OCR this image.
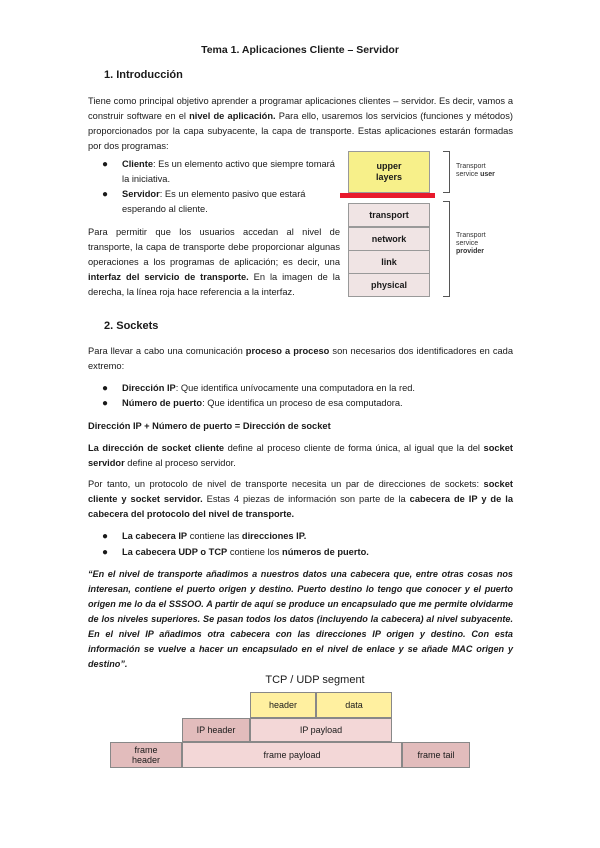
Tema 1. Aplicaciones Cliente – Servidor
1. Introducción
Tiene como principal objetivo aprender a programar aplicaciones clientes – servidor. Es decir, vamos a construir software en el nivel de aplicación. Para ello, usaremos los servicios (funciones y métodos) proporcionados por la capa subyacente, la capa de transporte. Estas aplicaciones estarán formadas por dos programas:
● Cliente: Es un elemento activo que siempre tomará la iniciativa.
● Servidor: Es un elemento pasivo que estará esperando al cliente.
Para permitir que los usuarios accedan al nivel de transporte, la capa de transporte debe proporcionar algunas operaciones a los programas de aplicación; es decir, una interfaz del servicio de transporte. En la imagen de la derecha, la línea roja hace referencia a la interfaz.
upper
layers
transport
network
link
physical
Transport
service user
Transport
service
provider
2. Sockets
Para llevar a cabo una comunicación proceso a proceso son necesarios dos identificadores en cada extremo:
● Dirección IP: Que identifica unívocamente una computadora en la red.
● Número de puerto: Que identifica un proceso de esa computadora.
Dirección IP + Número de puerto = Dirección de socket
La dirección de socket cliente define al proceso cliente de forma única, al igual que la del socket servidor define al proceso servidor.
Por tanto, un protocolo de nivel de transporte necesita un par de direcciones de sockets: socket cliente y socket servidor. Estas 4 piezas de información son parte de la cabecera de IP y de la cabecera del protocolo del nivel de transporte.
● La cabecera IP contiene las direcciones IP.
● La cabecera UDP o TCP contiene los números de puerto.
“En el nivel de transporte añadimos a nuestros datos una cabecera que, entre otras cosas nos interesan, contiene el puerto origen y destino. Puerto destino lo tengo que conocer y el puerto origen me lo da el SSSOO. A partir de aquí se produce un encapsulado que me permite olvidarme de los niveles superiores. Se pasan todos los datos (incluyendo la cabecera) al nivel subyacente. En el nivel IP añadimos otra cabecera con las direcciones IP origen y destino. Con esta información se vuelve a hacer un encapsulado en el nivel de enlace y se añade MAC origen y destino”.
TCP / UDP segment
header	data
IP header	IP payload
frame
header	frame payload	frame tail
